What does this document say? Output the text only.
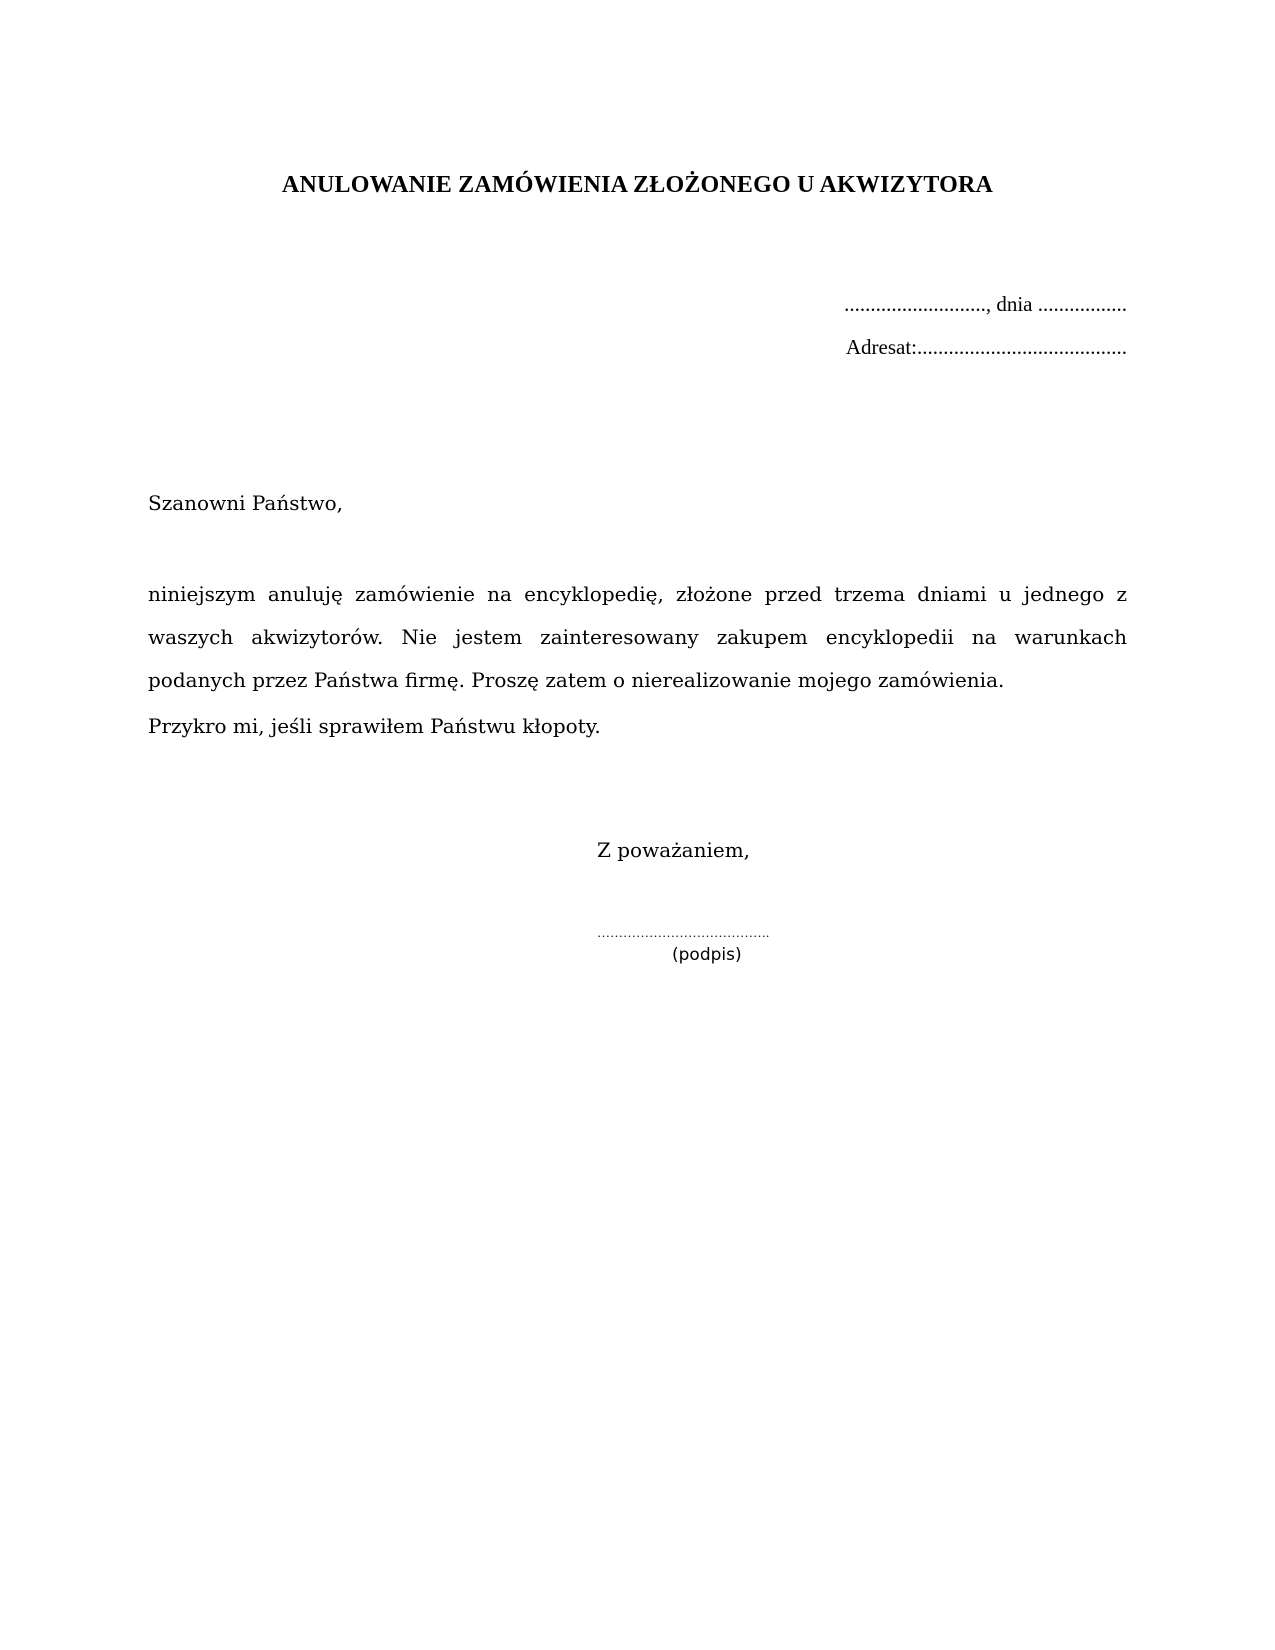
ANULOWANIE ZAMÓWIENIA ZŁOŻONEGO U AKWIZYTORA
..........................., dnia .................
Adresat:........................................
Szanowni Państwo,

niniejszym anuluję zamówienie na encyklopedię, złożone przed trzema dniami u jednego z waszych akwizytorów. Nie jestem zainteresowany zakupem encyklopedii na warunkach podanych przez Państwa firmę. Proszę zatem o nierealizowanie mojego zamówienia.

Przykro mi, jeśli sprawiłem Państwu kłopoty.
Z poważaniem,
………………………………….
(podpis)
